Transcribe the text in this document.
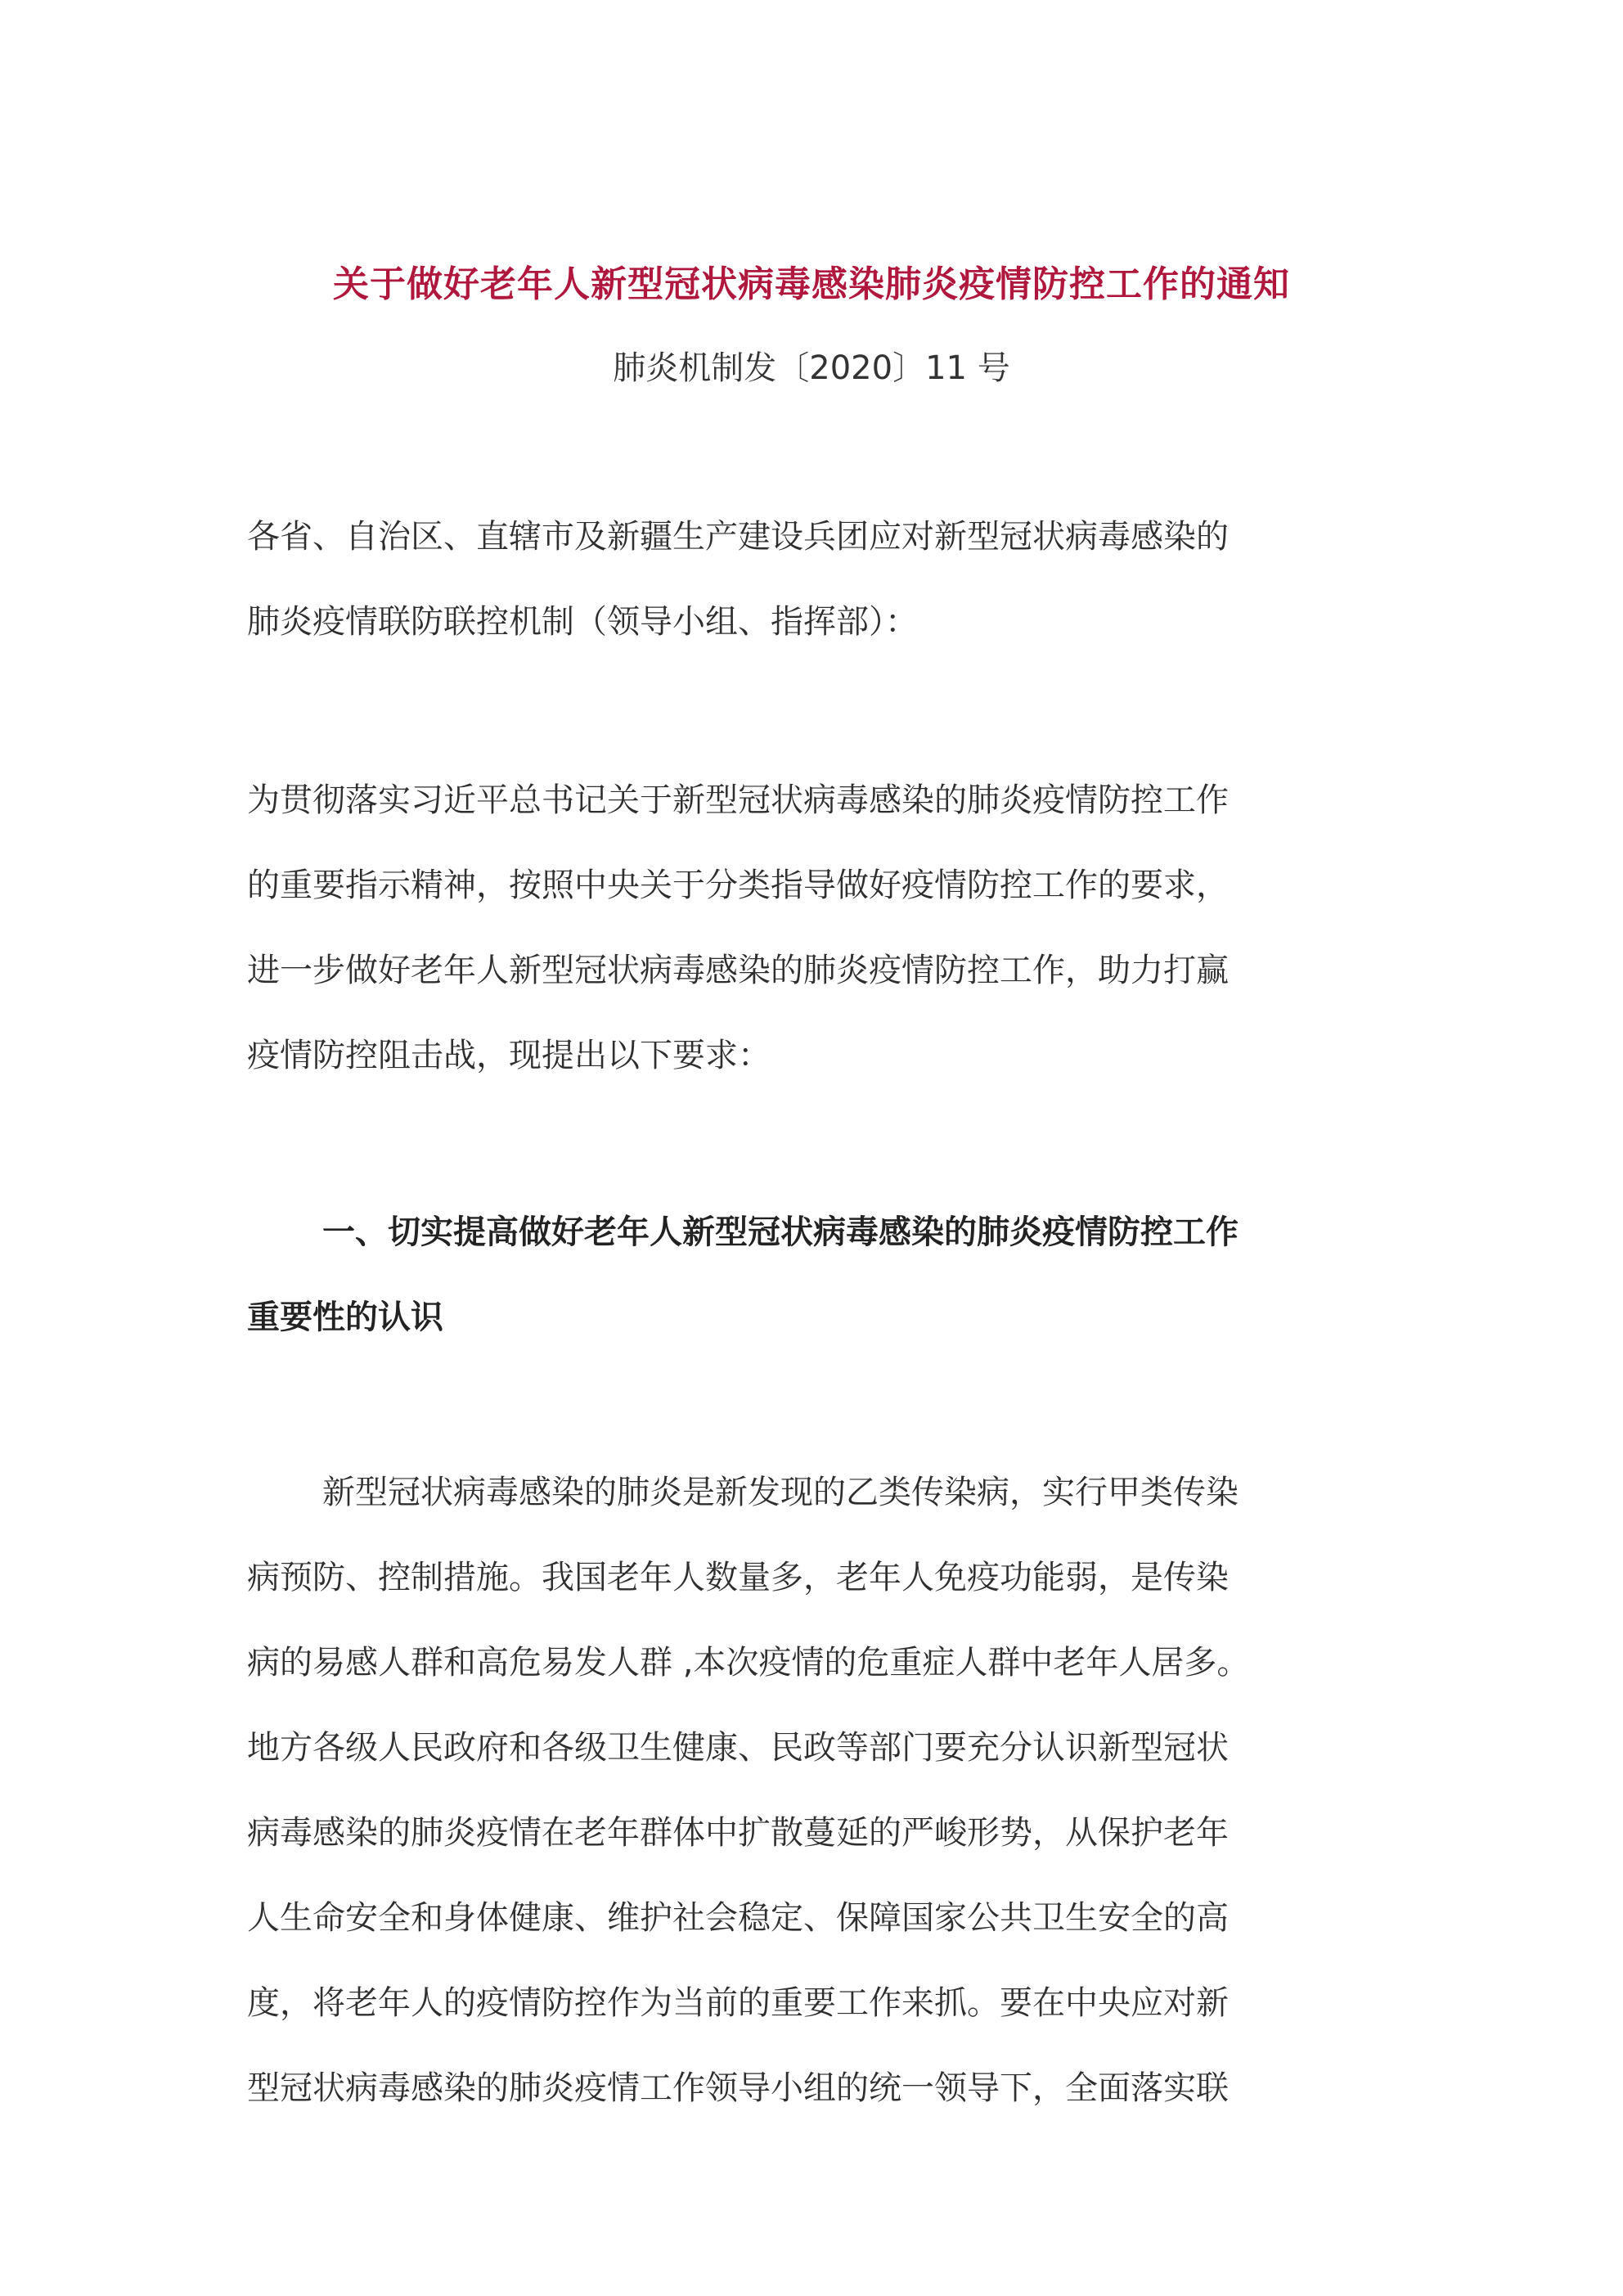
关于做好老年人新型冠状病毒感染肺炎疫情防控工作的通知
肺炎机制发〔2020〕11 号
各省、自治区、直辖市及新疆生产建设兵团应对新型冠状病毒感染的
肺炎疫情联防联控机制（领导小组、指挥部）：
为贯彻落实习近平总书记关于新型冠状病毒感染的肺炎疫情防控工作
的重要指示精神，按照中央关于分类指导做好疫情防控工作的要求，
进一步做好老年人新型冠状病毒感染的肺炎疫情防控工作，助力打赢
疫情防控阻击战，现提出以下要求：
一、切实提高做好老年人新型冠状病毒感染的肺炎疫情防控工作
重要性的认识
新型冠状病毒感染的肺炎是新发现的乙类传染病，实行甲类传染
病预防、控制措施。我国老年人数量多，老年人免疫功能弱，是传染
病的易感人群和高危易发人群 ,本次疫情的危重症人群中老年人居多。
地方各级人民政府和各级卫生健康、民政等部门要充分认识新型冠状
病毒感染的肺炎疫情在老年群体中扩散蔓延的严峻形势，从保护老年
人生命安全和身体健康、维护社会稳定、保障国家公共卫生安全的高
度，将老年人的疫情防控作为当前的重要工作来抓。要在中央应对新
型冠状病毒感染的肺炎疫情工作领导小组的统一领导下，全面落实联
